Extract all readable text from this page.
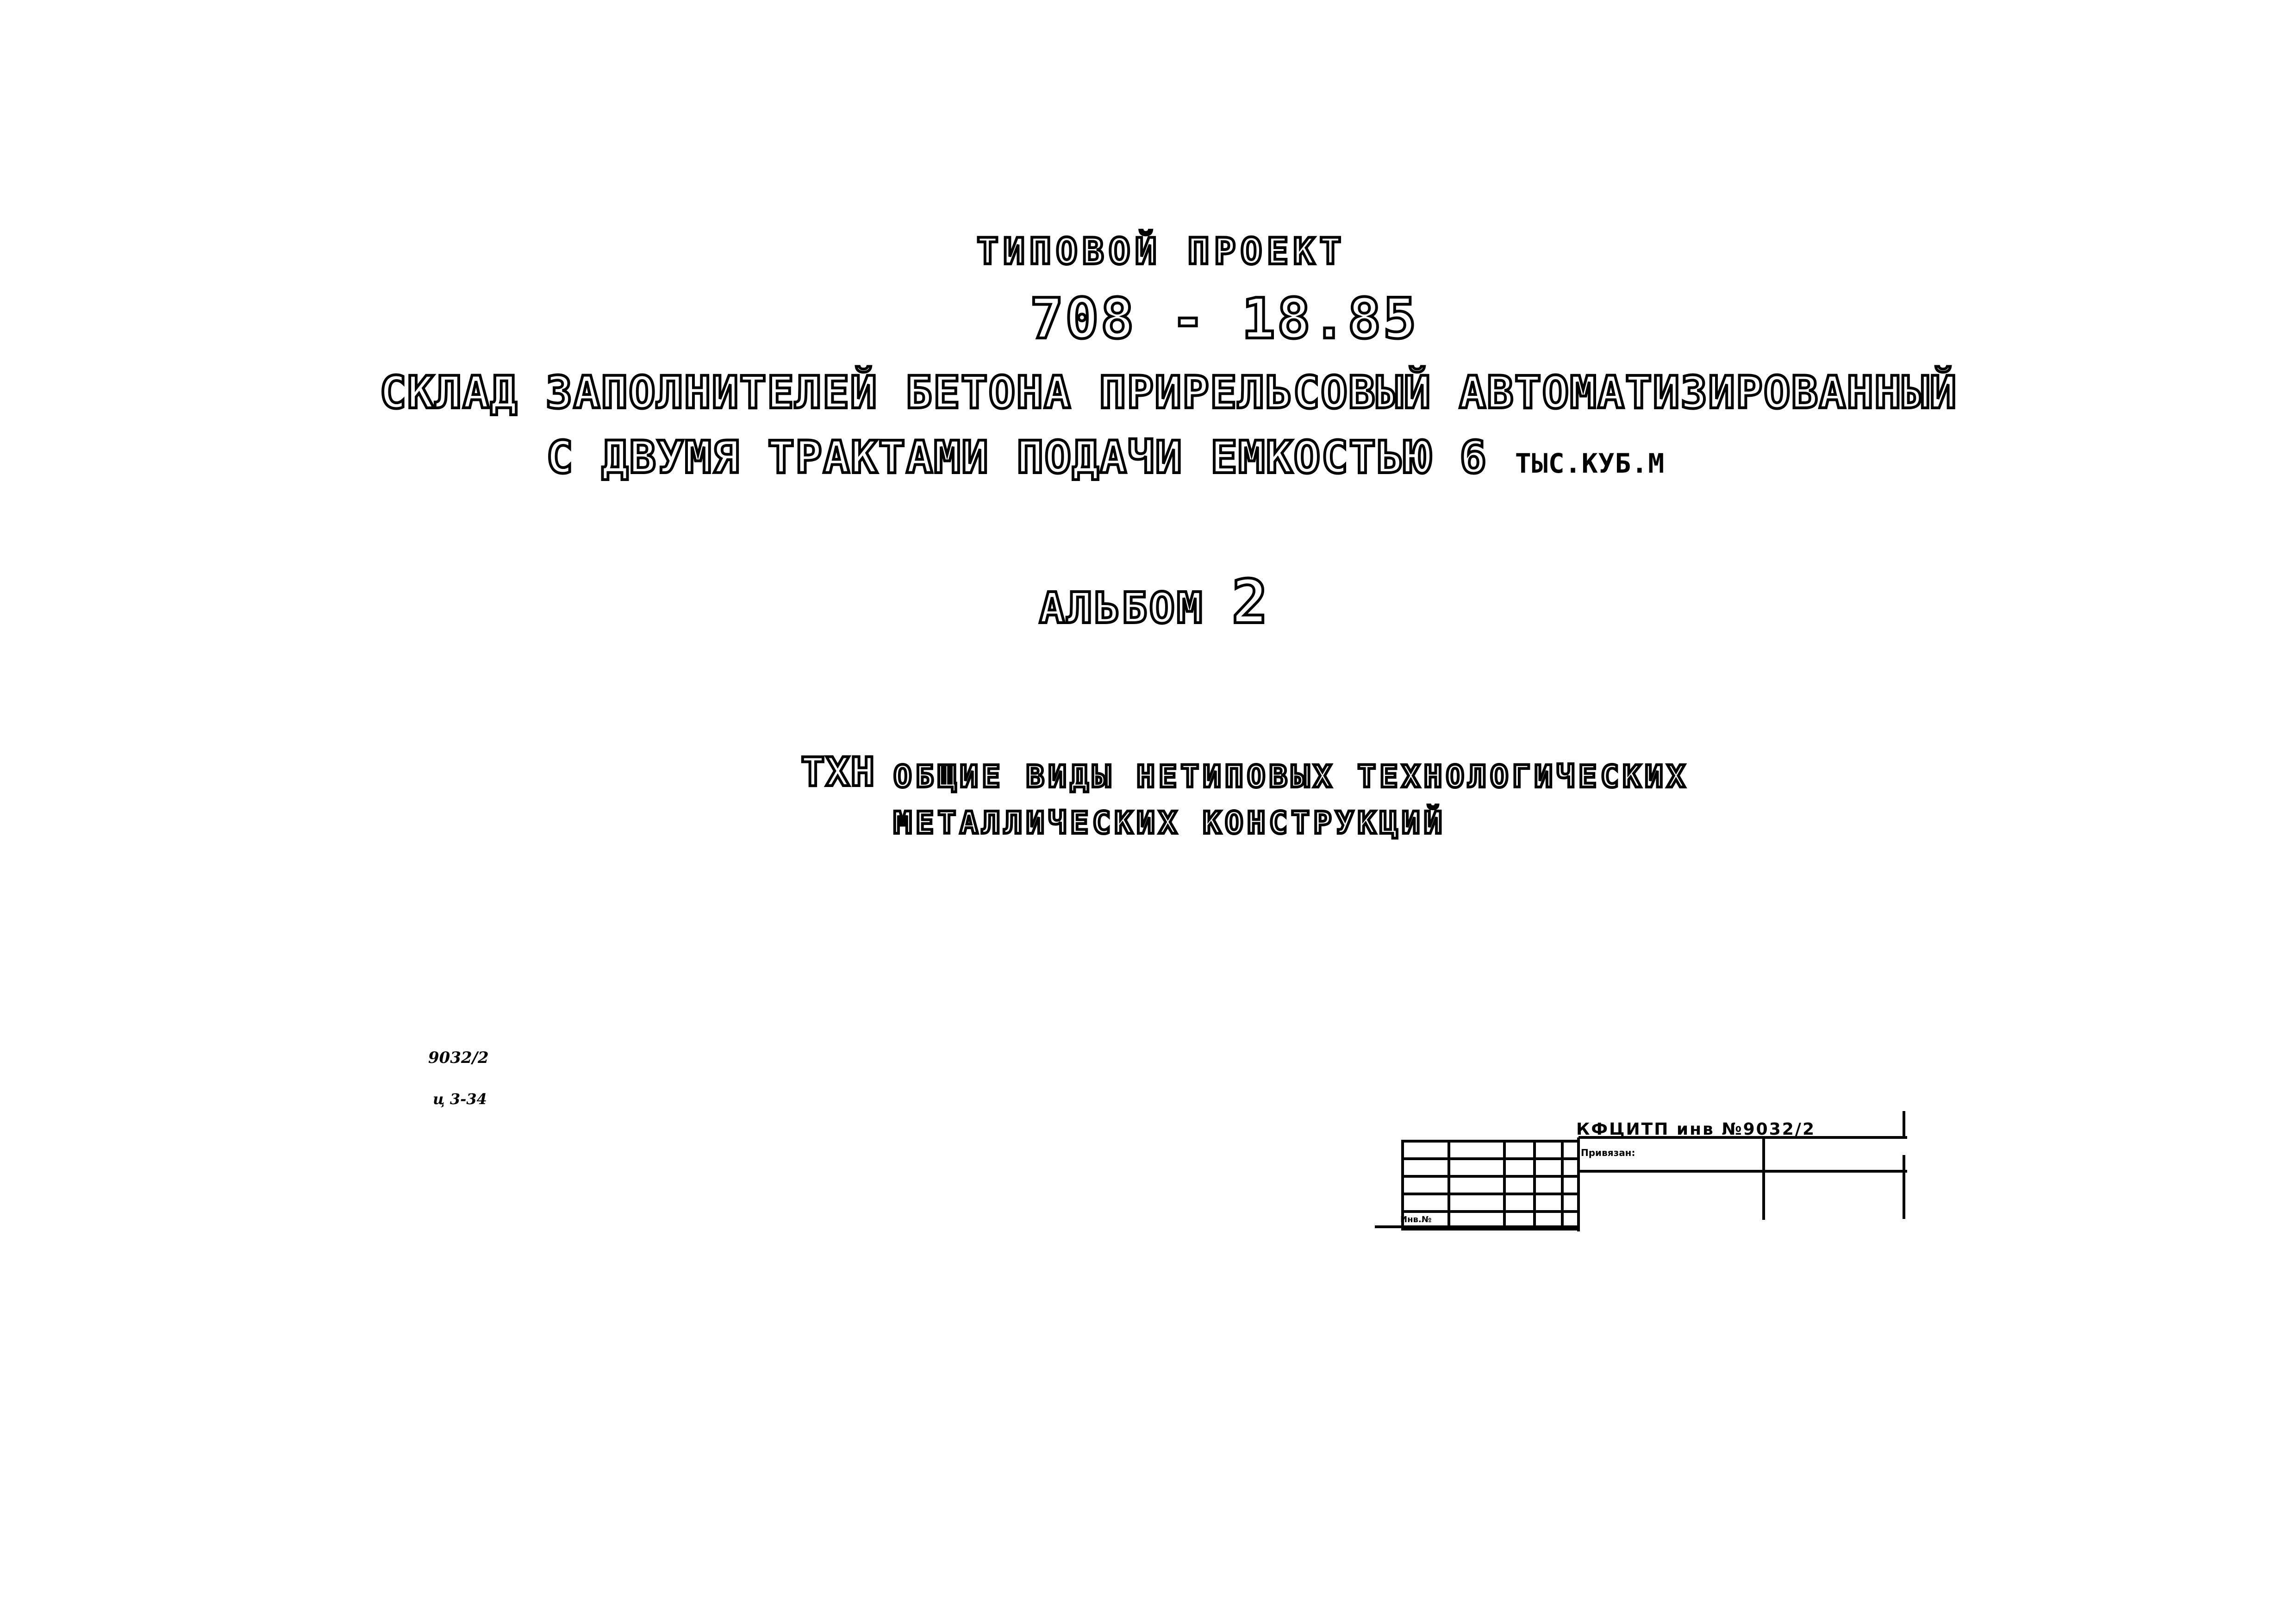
ТИПОВОЙ ПРОЕКТ
708 - 18.85
СКЛАД ЗАПОЛНИТЕЛЕЙ БЕТОНА ПРИРЕЛЬСОВЫЙ АВТОМАТИЗИРОВАННЫЙ
С ДВУМЯ ТРАКТАМИ ПОДАЧИ ЕМКОСТЬЮ 6 ТЫС.КУБ.М
АЛЬБОМ 2
ТХН ОБЩИЕ ВИДЫ НЕТИПОВЫХ ТЕХНОЛОГИЧЕСКИХ
МЕТАЛЛИЧЕСКИХ КОНСТРУКЦИЙ
9032/2
ц 3-34
КФЦИТП инв №9032/2
Привязан:
Инв.№
